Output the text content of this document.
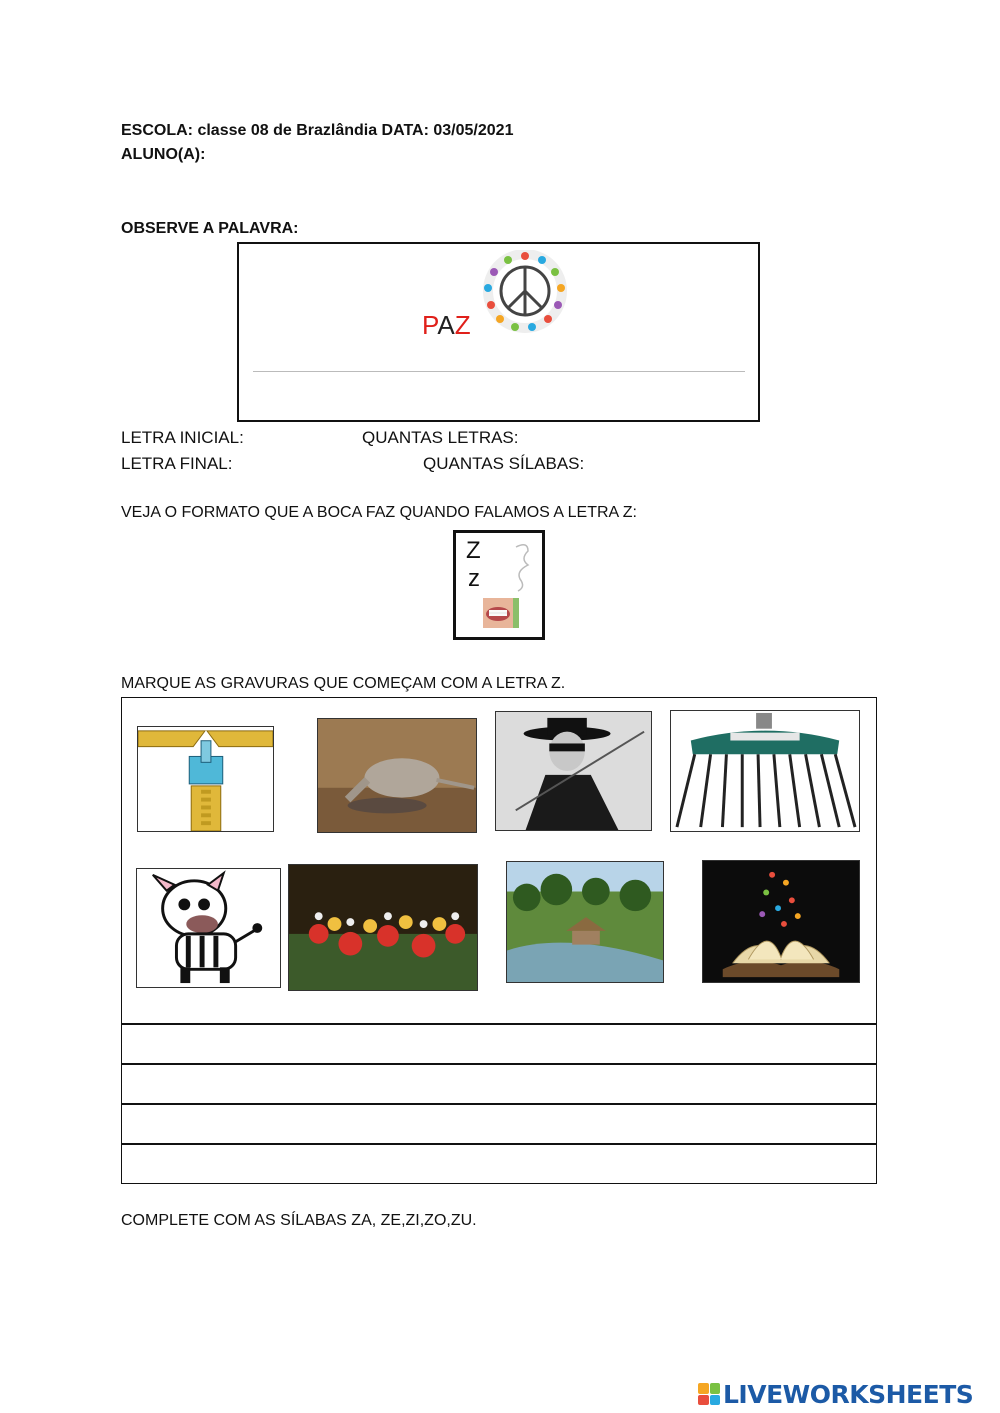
ESCOLA: classe 08 de Brazlândia DATA: 03/05/2021
ALUNO(A):
OBSERVE A PALAVRA:
PAZ
LETRA INICIAL:	QUANTAS LETRAS:
LETRA FINAL:	QUANTAS SÍLABAS:
VEJA O FORMATO QUE A BOCA FAZ QUANDO FALAMOS A LETRA Z:
Z
z
MARQUE AS GRAVURAS QUE COMEÇAM COM A LETRA Z.
COMPLETE COM AS SÍLABAS ZA, ZE,ZI,ZO,ZU.
LIVEWORKSHEETS
